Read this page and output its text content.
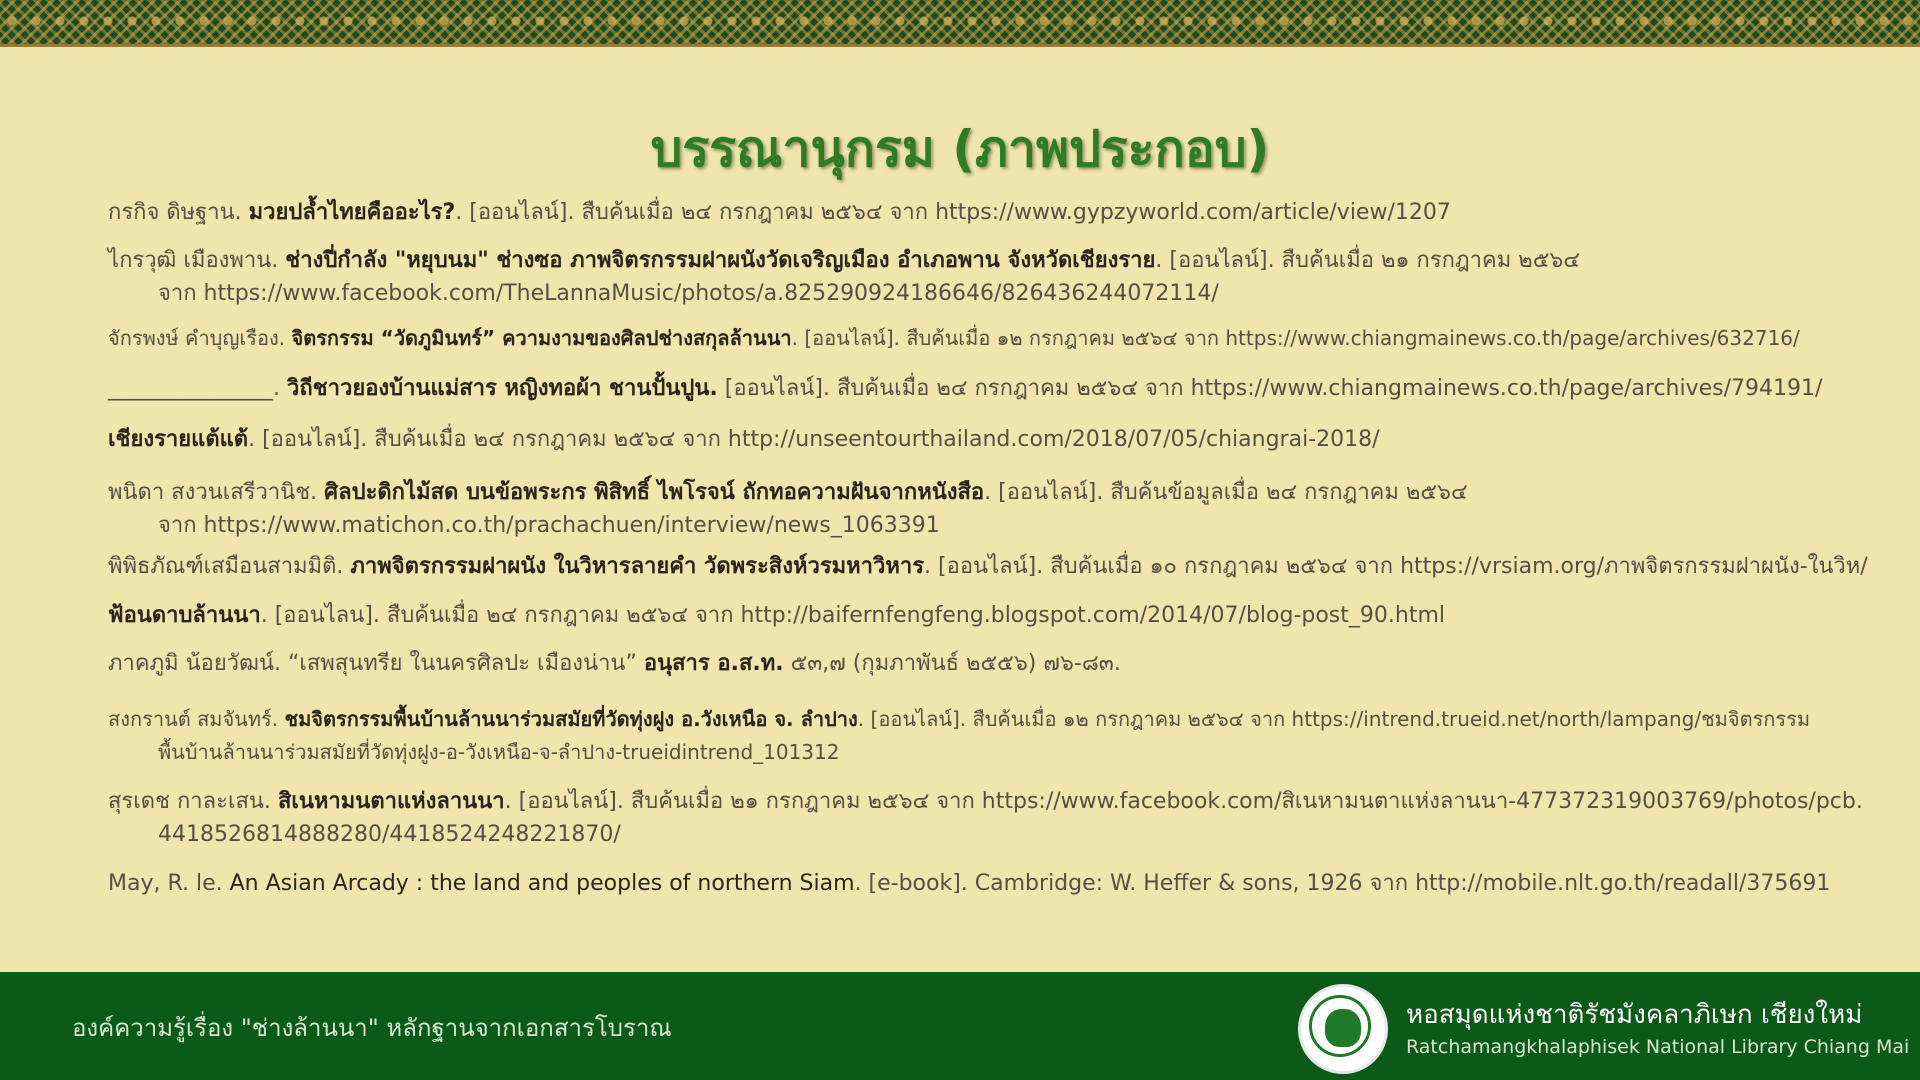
บรรณานุกรม (ภาพประกอบ)
กรกิจ ดิษฐาน. มวยปล้ำไทยคืออะไร?. [ออนไลน์]. สืบค้นเมื่อ ๒๔ กรกฎาคม ๒๕๖๔ จาก https://www.gypzyworld.com/article/view/1207
ไกรวุฒิ เมืองพาน. ช่างปี่กำลัง "หยุบนม" ช่างซอ ภาพจิตรกรรมฝาผนังวัดเจริญเมือง อำเภอพาน จังหวัดเชียงราย. [ออนไลน์]. สืบค้นเมื่อ ๒๑ กรกฎาคม ๒๕๖๔
จาก https://www.facebook.com/TheLannaMusic/photos/a.825290924186646/826436244072114/
จักรพงษ์ คำบุญเรือง. จิตรกรรม “วัดภูมินทร์” ความงามของศิลปช่างสกุลล้านนา. [ออนไลน์]. สืบค้นเมื่อ ๑๒ กรกฎาคม ๒๕๖๔ จาก https://www.chiangmainews.co.th/page/archives/632716/
_______________. วิถีชาวยองบ้านแม่สาร หญิงทอผ้า ชานปั้นปูน. [ออนไลน์]. สืบค้นเมื่อ ๒๔ กรกฎาคม ๒๕๖๔ จาก https://www.chiangmainews.co.th/page/archives/794191/
เชียงรายแต้แต้. [ออนไลน์]. สืบค้นเมื่อ ๒๔ กรกฎาคม ๒๕๖๔ จาก http://unseentourthailand.com/2018/07/05/chiangrai-2018/
พนิดา สงวนเสรีวานิช. ศิลปะดิกไม้สด บนข้อพระกร พิสิทธิ์ ไพโรจน์ ถักทอความฝันจากหนังสือ. [ออนไลน์]. สืบค้นข้อมูลเมื่อ ๒๔ กรกฎาคม ๒๕๖๔
จาก https://www.matichon.co.th/prachachuen/interview/news_1063391
พิพิธภัณฑ์เสมือนสามมิติ. ภาพจิตรกรรมฝาผนัง ในวิหารลายคำ วัดพระสิงห์วรมหาวิหาร. [ออนไลน์]. สืบค้นเมื่อ ๑๐ กรกฎาคม ๒๕๖๔ จาก https://vrsiam.org/ภาพจิตรกรรมฝาผนัง-ในวิห/
ฟ้อนดาบล้านนา. [ออนไลน]. สืบค้นเมื่อ ๒๔ กรกฎาคม ๒๕๖๔ จาก http://baifernfengfeng.blogspot.com/2014/07/blog-post_90.html
ภาคภูมิ น้อยวัฒน์. “เสพสุนทรีย ในนครศิลปะ เมืองน่าน” อนุสาร อ.ส.ท. ๕๓,๗ (กุมภาพันธ์ ๒๕๕๖) ๗๖-๘๓.
สงกรานต์ สมจันทร์. ชมจิตรกรรมพื้นบ้านล้านนาร่วมสมัยที่วัดทุ่งฝูง อ.วังเหนือ จ. ลำปาง. [ออนไลน์]. สืบค้นเมื่อ ๑๒ กรกฎาคม ๒๕๖๔ จาก https://intrend.trueid.net/north/lampang/ชมจิตรกรรม
พื้นบ้านล้านนาร่วมสมัยที่วัดทุ่งฝูง-อ-วังเหนือ-จ-ลำปาง-trueidintrend_101312
สุรเดช กาละเสน. สิเนหามนตาแห่งลานนา. [ออนไลน์]. สืบค้นเมื่อ ๒๑ กรกฎาคม ๒๕๖๔ จาก https://www.facebook.com/สิเนหามนตาแห่งลานนา-477372319003769/photos/pcb.
4418526814888280/4418524248221870/
May, R. le. An Asian Arcady : the land and peoples of northern Siam. [e-book]. Cambridge: W. Heffer & sons, 1926 จาก http://mobile.nlt.go.th/readall/375691
องค์ความรู้เรื่อง "ช่างล้านนา" หลักฐานจากเอกสารโบราณ	หอสมุดแห่งชาติรัชมังคลาภิเษก เชียงใหม่
Ratchamangkhalaphisek National Library Chiang Mai
